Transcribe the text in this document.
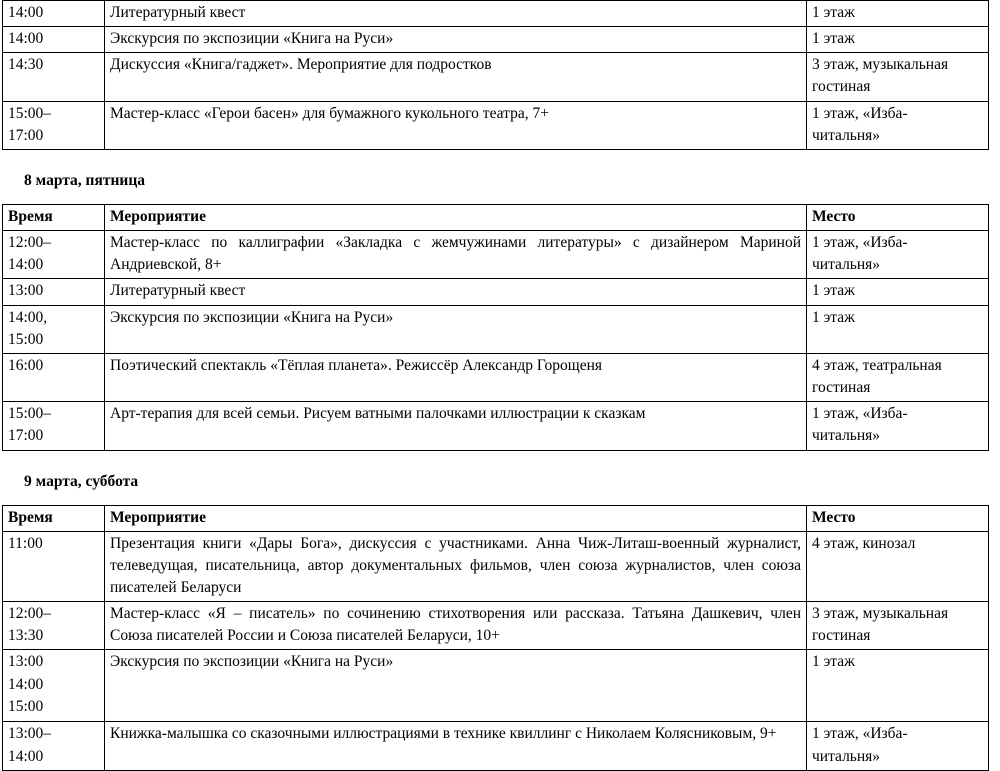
14:00	Литературный квест	1 этаж

14:00	Экскурсия по экспозиции «Книга на Руси»	1 этаж

14:30	Дискуссия «Книга/гаджет». Мероприятие для подростков	3 этаж, музыкальная
гостиная

15:00–
17:00	Мастер-класс «Герои басен» для бумажного кукольного театра, 7+	1 этаж, «Изба-
читальня»
8 марта, пятница
Время	Мероприятие	Место

12:00–
14:00	Мастер-класс по каллиграфии «Закладка с жемчужинами литературы» с дизайнером Мариной Андриевской, 8+	1 этаж, «Изба-
читальня»

13:00	Литературный квест	1 этаж

14:00,
15:00	Экскурсия по экспозиции «Книга на Руси»	1 этаж

16:00	Поэтический спектакль «Тёплая планета». Режиссёр Александр Горощеня	4 этаж, театральная
гостиная

15:00–
17:00	Арт-терапия для всей семьи. Рисуем ватными палочками иллюстрации к сказкам	1 этаж, «Изба-
читальня»
9 марта, суббота
Время	Мероприятие	Место

11:00	Презентация книги «Дары Бога», дискуссия с участниками. Анна Чиж-Литаш-военный журналист, телеведущая, писательница, автор документальных фильмов, член союза журналистов, член союза писателей Беларуси	4 этаж, кинозал

12:00–
13:30	Мастер-класс «Я – писатель» по сочинению стихотворения или рассказа. Татьяна Дашкевич, член Союза писателей России и Союза писателей Беларуси, 10+	3 этаж, музыкальная
гостиная

13:00
14:00
15:00	Экскурсия по экспозиции «Книга на Руси»	1 этаж

13:00–
14:00	Книжка-малышка со сказочными иллюстрациями в технике квиллинг с Николаем Колясниковым, 9+	1 этаж, «Изба-
читальня»
